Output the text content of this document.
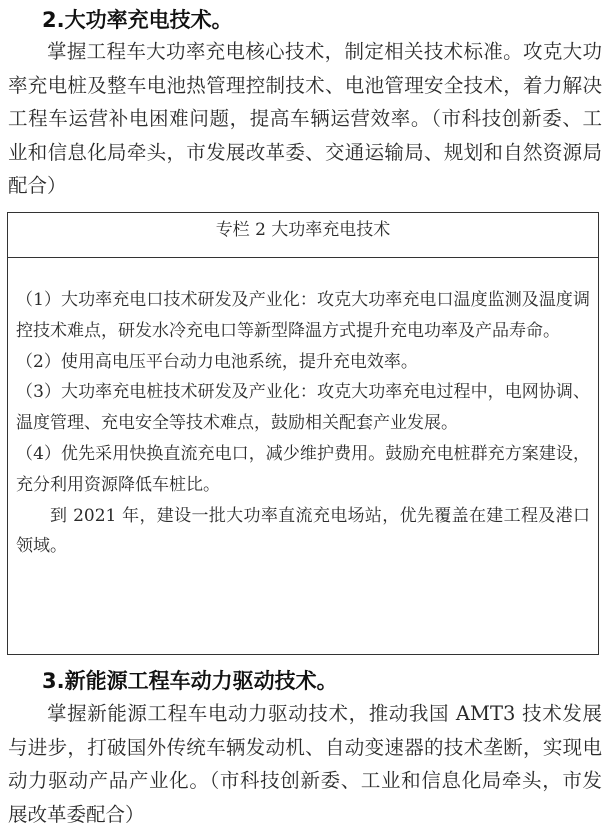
2.大功率充电技术。

掌握工程车大功率充电核心技术，制定相关技术标准。攻克大功率充电桩及整车电池热管理控制技术、电池管理安全技术，着力解决工程车运营补电困难问题，提高车辆运营效率。（市科技创新委、工业和信息化局牵头，市发展改革委、交通运输局、规划和自然资源局配合）

专栏 2 大功率充电技术

（1）大功率充电口技术研发及产业化：攻克大功率充电口温度监测及温度调控技术难点，研发水冷充电口等新型降温方式提升充电功率及产品寿命。

（2）使用高电压平台动力电池系统，提升充电效率。

（3）大功率充电桩技术研发及产业化：攻克大功率充电过程中，电网协调、温度管理、充电安全等技术难点，鼓励相关配套产业发展。

（4）优先采用快换直流充电口，减少维护费用。鼓励充电桩群充方案建设，充分利用资源降低车桩比。

到 2021 年，建设一批大功率直流充电场站，优先覆盖在建工程及港口领域。

3.新能源工程车动力驱动技术。

掌握新能源工程车电动力驱动技术，推动我国 AMT3 技术发展与进步，打破国外传统车辆发动机、自动变速器的技术垄断，实现电动力驱动产品产业化。（市科技创新委、工业和信息化局牵头，市发展改革委配合）
